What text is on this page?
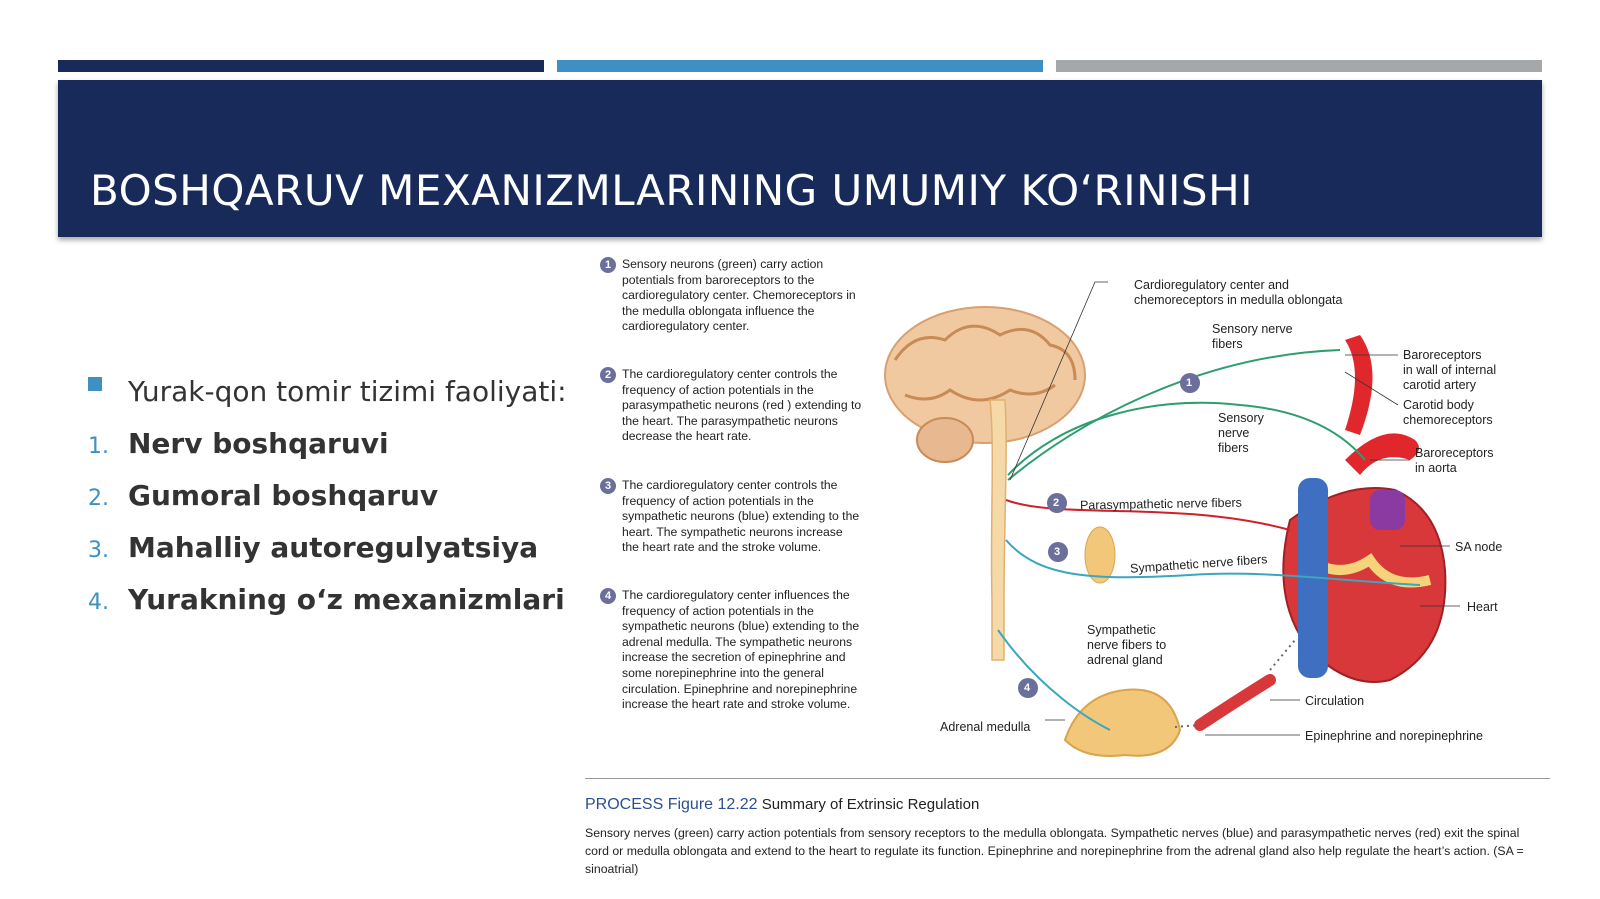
BOSHQARUV MEXANIZMLARINING UMUMIY KO‘RINISHI
Yurak-qon tomir tizimi faoliyati:
1. Nerv boshqaruvi
2. Gumoral boshqaruv
3. Mahalliy autoregulyatsiya
4. Yurakning o‘z mexanizmlari
1
2
3
4
1 Sensory neurons (green) carry action potentials from baroreceptors to the cardioregulatory center. Chemoreceptors in the medulla oblongata influence the cardioregulatory center.
2 The cardioregulatory center controls the frequency of action potentials in the parasympathetic neurons (red ) extending to the heart. The parasympathetic neurons decrease the heart rate.
3 The cardioregulatory center controls the frequency of action potentials in the sympathetic neurons (blue) extending to the heart. The sympathetic neurons increase the heart rate and the stroke volume.
4 The cardioregulatory center influences the frequency of action potentials in the sympathetic neurons (blue) extending to the adrenal medulla. The sympathetic neurons increase the secretion of epinephrine and some norepinephrine into the general circulation. Epinephrine and norepinephrine increase the heart rate and stroke volume.
Cardioregulatory center and
chemoreceptors in medulla oblongata
Sensory nerve
fibers
Sensory
nerve
fibers
Baroreceptors
in wall of internal
carotid artery
Carotid body
chemoreceptors
Baroreceptors
in aorta
Parasympathetic nerve fibers
Sympathetic nerve fibers
SA node
Heart
Sympathetic
nerve fibers to
adrenal gland
Adrenal medulla
Circulation
Epinephrine and norepinephrine
PROCESS Figure 12.22 Summary of Extrinsic Regulation
Sensory nerves (green) carry action potentials from sensory receptors to the medulla oblongata. Sympathetic nerves (blue) and parasympathetic nerves (red) exit the spinal cord or medulla oblongata and extend to the heart to regulate its function. Epinephrine and norepinephrine from the adrenal gland also help regulate the heart’s action. (SA = sinoatrial)
